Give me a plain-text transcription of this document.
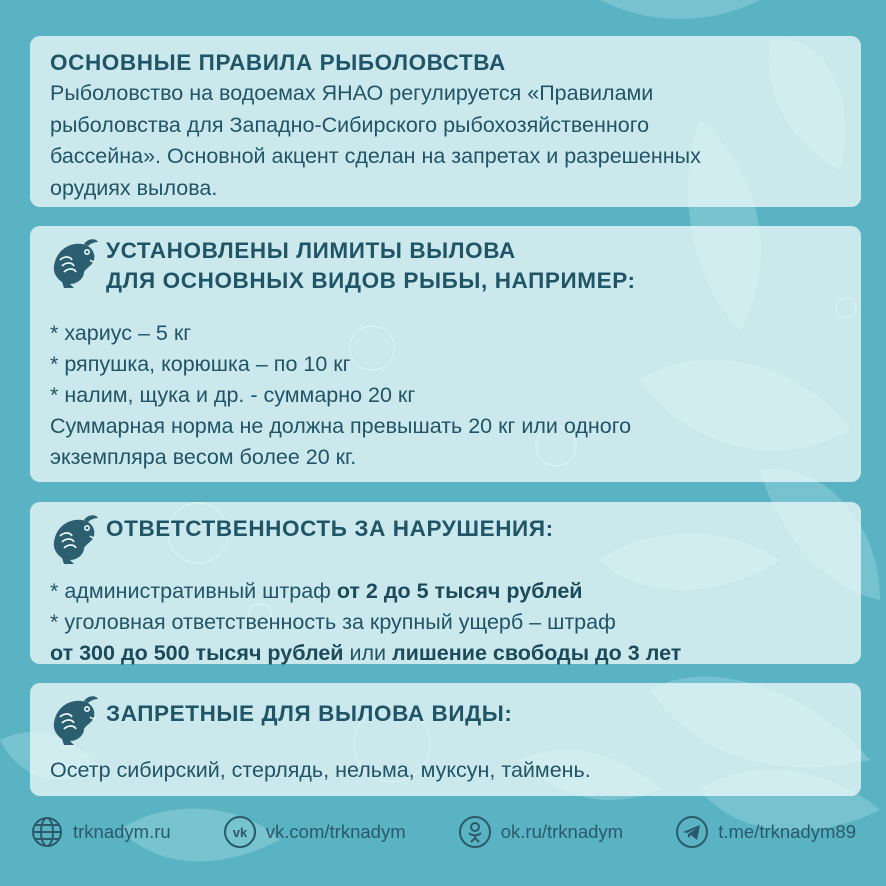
ОСНОВНЫЕ ПРАВИЛА РЫБОЛОВСТВА
Рыболовство на водоемах ЯНАО регулируется «Правилами
рыболовства для Западно-Сибирского рыбохозяйственного
бассейна». Основной акцент сделан на запретах и разрешенных
орудиях вылова.
УСТАНОВЛЕНЫ ЛИМИТЫ ВЫЛОВА
ДЛЯ ОСНОВНЫХ ВИДОВ РЫБЫ, НАПРИМЕР:
* хариус – 5 кг
* ряпушка, корюшка – по 10 кг
* налим, щука и др. - суммарно 20 кг
Суммарная норма не должна превышать 20 кг или одного
экземпляра весом более 20 кг.
ОТВЕТСТВЕННОСТЬ ЗА НАРУШЕНИЯ:
* административный штраф от 2 до 5 тысяч рублей
* уголовная ответственность за крупный ущерб – штраф
от 300 до 500 тысяч рублей или лишение свободы до 3 лет
ЗАПРЕТНЫЕ ДЛЯ ВЫЛОВА ВИДЫ:
Осетр сибирский, стерлядь, нельма, муксун, таймень.
trknadym.ru	vk vk.com/trknadym	ok.ru/trknadym	t.me/trknadym89
